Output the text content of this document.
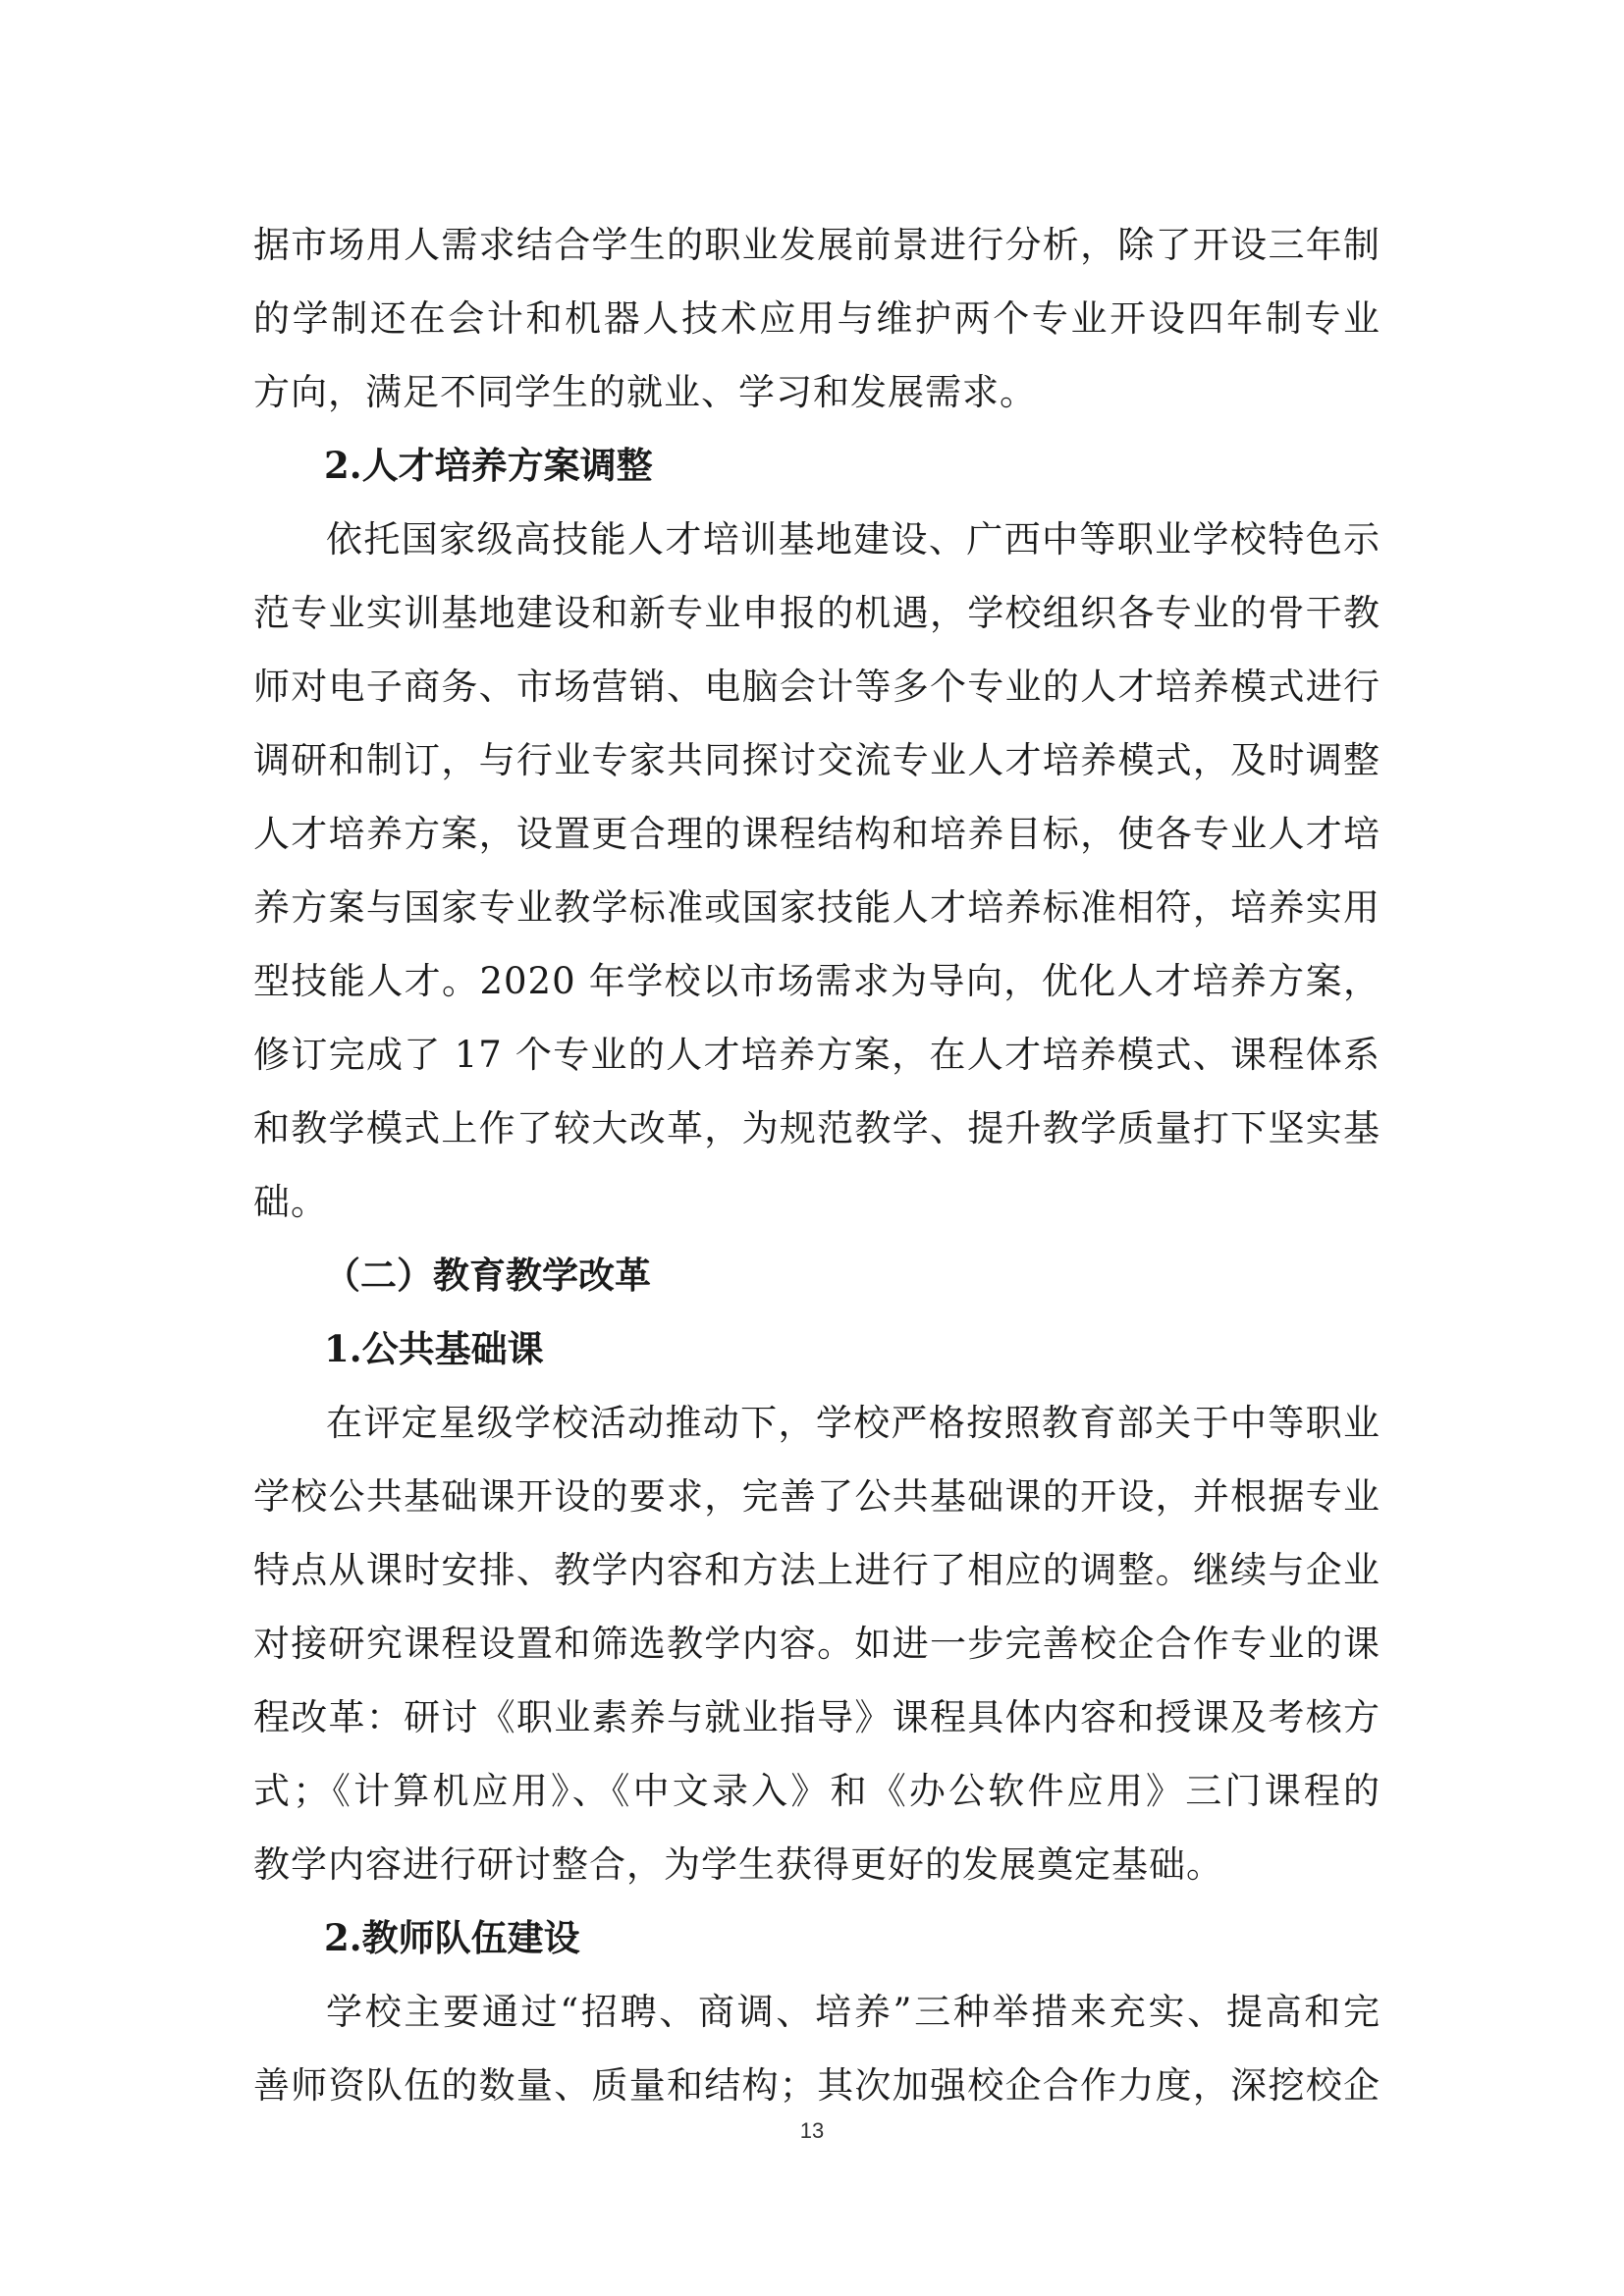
据市场用人需求结合学生的职业发展前景进行分析，除了开设三年制
的学制还在会计和机器人技术应用与维护两个专业开设四年制专业
方向，满足不同学生的就业、学习和发展需求。
2.人才培养方案调整
依托国家级高技能人才培训基地建设、广西中等职业学校特色示
范专业实训基地建设和新专业申报的机遇，学校组织各专业的骨干教
师对电子商务、市场营销、电脑会计等多个专业的人才培养模式进行
调研和制订，与行业专家共同探讨交流专业人才培养模式，及时调整
人才培养方案，设置更合理的课程结构和培养目标，使各专业人才培
养方案与国家专业教学标准或国家技能人才培养标准相符，培养实用
型技能人才。2020 年学校以市场需求为导向，优化人才培养方案，
修订完成了 17 个专业的人才培养方案，在人才培养模式、课程体系
和教学模式上作了较大改革，为规范教学、提升教学质量打下坚实基
础。
（二）教育教学改革
1.公共基础课
在评定星级学校活动推动下，学校严格按照教育部关于中等职业
学校公共基础课开设的要求，完善了公共基础课的开设，并根据专业
特点从课时安排、教学内容和方法上进行了相应的调整。继续与企业
对接研究课程设置和筛选教学内容。如进一步完善校企合作专业的课
程改革：研讨《职业素养与就业指导》课程具体内容和授课及考核方
式；《计算机应用》、《中文录入》和《办公软件应用》三门课程的
教学内容进行研讨整合，为学生获得更好的发展奠定基础。
2.教师队伍建设
学校主要通过“招聘、商调、培养”三种举措来充实、提高和完
善师资队伍的数量、质量和结构；其次加强校企合作力度，深挖校企
13
